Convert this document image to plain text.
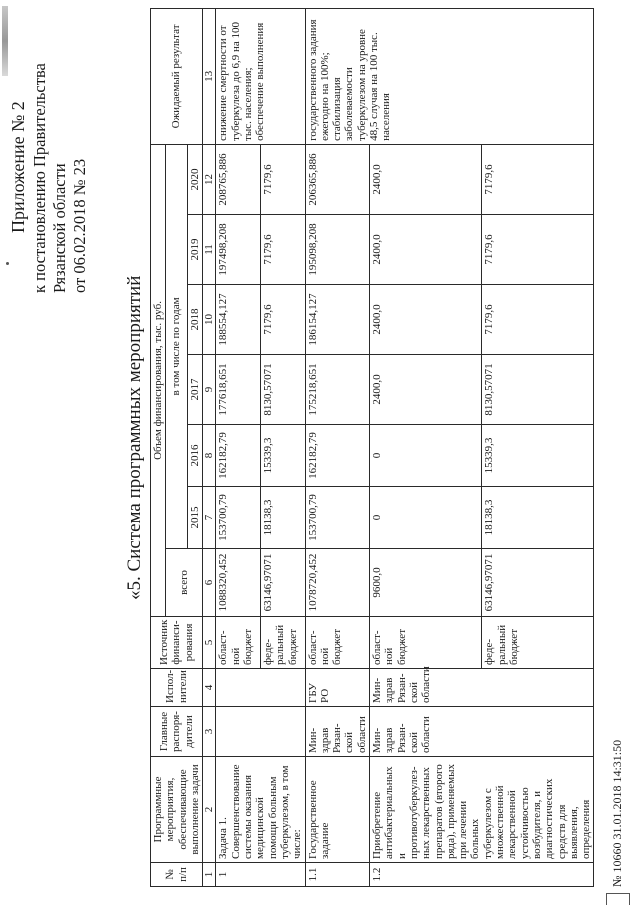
Приложение № 2 к постановлению Правительства Рязанской области от 06.02.2018 № 23
«5. Система программных мероприятий
№ п/п	Программные мероприятия, обеспечивающие выполнение задачи	Главные распоря- дители	Испол- нители	Источник финанси- рования	Объем финансирования, тыс. руб.							Ожидаемый результат
					всего	в том числе по годам						
						2015	2016	2017	2018	2019	2020	
1	2	3	4	5	6	7	8	9	10	11	12	13
1	Задача 1. Совершенствование системы оказания медицинской помощи больным туберкулезом, в том числе:			област- ной бюджет	1088320,452	153700,79	162182,79	177618,651	188554,127	197498,208	208765,886	снижение смертности от туберкулеза до 6,9 на 100 тыс. населения; обеспечение выполнения
				феде- ральный бюджет	63146,97071	18138,3	15339,3	8130,57071	7179,6	7179,6	7179,6	
1.1	Государственное задание	Мин- здрав Рязан- ской области	ГБУ РО	област- ной бюджет	1078720,452	153700,79	162182,79	175218,651	186154,127	195098,208	206365,886	государственного задания ежегодно на 100%; стабилизация заболеваемости туберкулезом на уровне 48,5 случая на 100 тыс. населения
1.2	Приобретение антибактериальных и противотуберкулез- ных лекарственных препаратов (второго ряда), применяемых при лечении больных туберкулезом с множественной лекарственной устойчивостью возбудителя, и диагностических средств для выявления, определения	Мин- здрав Рязан- ской области	Мин- здрав Рязан- ской области	област- ной бюджет	9600,0	0	0	2400,0	2400,0	2400,0	2400,0	
				феде- ральный бюджет	63146,97071	18138,3	15339,3	8130,57071	7179,6	7179,6	7179,6	
№ 10660 31.01.2018 14:31:50
